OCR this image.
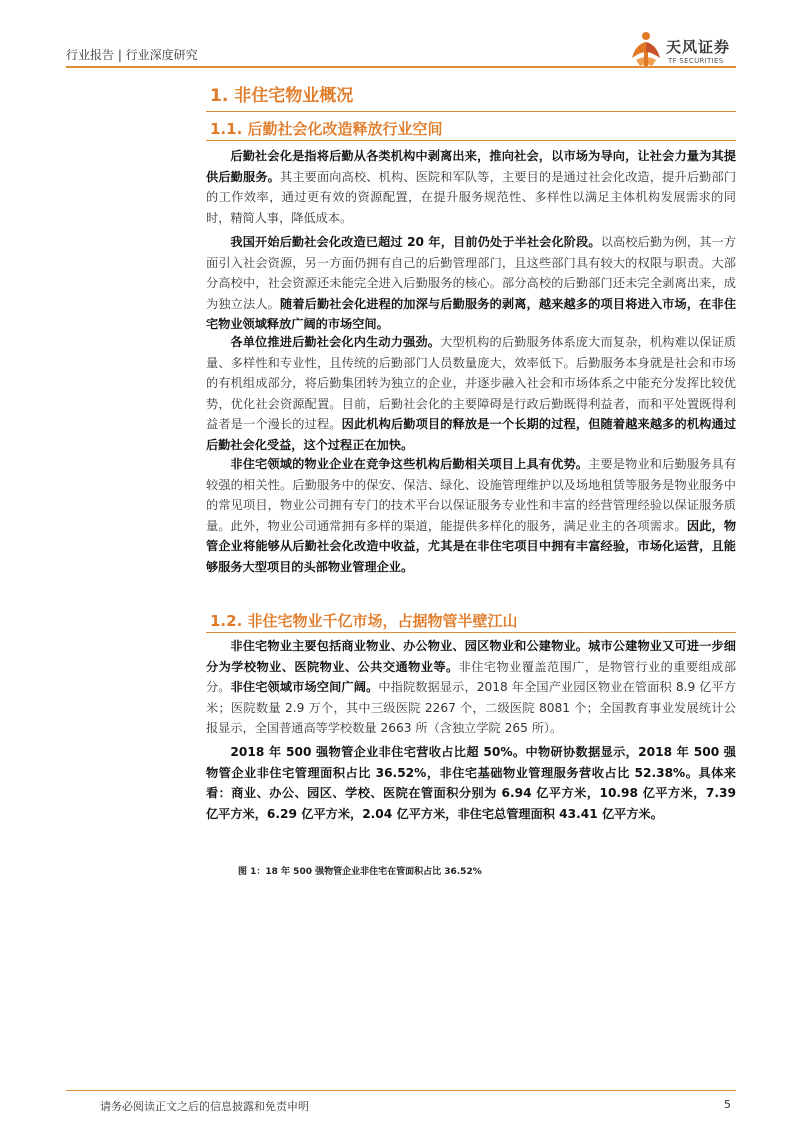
行业报告 | 行业深度研究	天风证券
TF SECURITIES
1. 非住宅物业概况
1.1. 后勤社会化改造释放行业空间
后勤社会化是指将后勤从各类机构中剥离出来，推向社会，以市场为导向，让社会力量为其提供后勤服务。其主要面向高校、机构、医院和军队等，主要目的是通过社会化改造，提升后勤部门的工作效率，通过更有效的资源配置，在提升服务规范性、多样性以满足主体机构发展需求的同时，精简人事，降低成本。
我国开始后勤社会化改造已超过 20 年，目前仍处于半社会化阶段。以高校后勤为例，其一方面引入社会资源，另一方面仍拥有自己的后勤管理部门，且这些部门具有较大的权限与职责。大部分高校中，社会资源还未能完全进入后勤服务的核心。部分高校的后勤部门还未完全剥离出来，成为独立法人。随着后勤社会化进程的加深与后勤服务的剥离，越来越多的项目将进入市场，在非住宅物业领域释放广阔的市场空间。
各单位推进后勤社会化内生动力强劲。大型机构的后勤服务体系庞大而复杂，机构难以保证质量、多样性和专业性，且传统的后勤部门人员数量庞大，效率低下。后勤服务本身就是社会和市场的有机组成部分，将后勤集团转为独立的企业，并逐步融入社会和市场体系之中能充分发挥比较优势，优化社会资源配置。目前，后勤社会化的主要障碍是行政后勤既得利益者，而和平处置既得利益者是一个漫长的过程。因此机构后勤项目的释放是一个长期的过程，但随着越来越多的机构通过后勤社会化受益，这个过程正在加快。
非住宅领域的物业企业在竞争这些机构后勤相关项目上具有优势。主要是物业和后勤服务具有较强的相关性。后勤服务中的保安、保洁、绿化、设施管理维护以及场地租赁等服务是物业服务中的常见项目，物业公司拥有专门的技术平台以保证服务专业性和丰富的经营管理经验以保证服务质量。此外，物业公司通常拥有多样的渠道，能提供多样化的服务，满足业主的各项需求。因此，物管企业将能够从后勤社会化改造中收益，尤其是在非住宅项目中拥有丰富经验，市场化运营，且能够服务大型项目的头部物业管理企业。
1.2. 非住宅物业千亿市场，占据物管半壁江山
非住宅物业主要包括商业物业、办公物业、园区物业和公建物业。城市公建物业又可进一步细分为学校物业、医院物业、公共交通物业等。非住宅物业覆盖范围广，是物管行业的重要组成部分。非住宅领域市场空间广阔。中指院数据显示，2018 年全国产业园区物业在管面积 8.9 亿平方米；医院数量 2.9 万个，其中三级医院 2267 个，二级医院 8081 个；全国教育事业发展统计公报显示，全国普通高等学校数量 2663 所（含独立学院 265 所）。
2018 年 500 强物管企业非住宅营收占比超 50%。中物研协数据显示，2018 年 500 强物管企业非住宅管理面积占比 36.52%，非住宅基础物业管理服务营收占比 52.38%。具体来看：商业、办公、园区、学校、医院在管面积分别为 6.94 亿平方米，10.98 亿平方米，7.39 亿平方米，6.29 亿平方米，2.04 亿平方米，非住宅总管理面积 43.41 亿平方米。
图 1：18 年 500 强物管企业非住宅在管面积占比 36.52%
请务必阅读正文之后的信息披露和免责申明	5
